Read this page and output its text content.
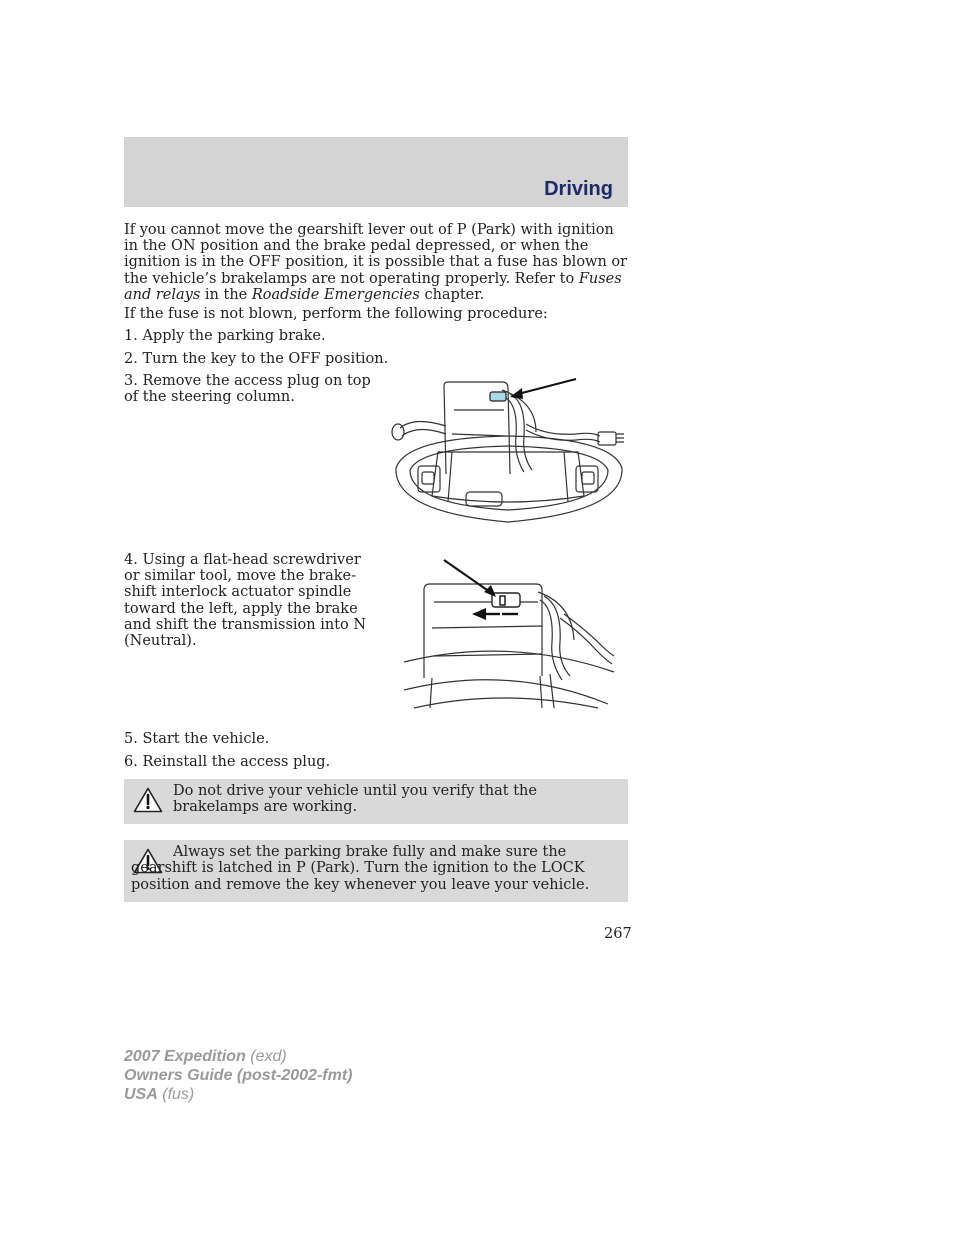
Driving

If you cannot move the gearshift lever out of P (Park) with ignition in the ON position and the brake pedal depressed, or when the ignition is in the OFF position, it is possible that a fuse has blown or the vehicle’s brakelamps are not operating properly. Refer to Fuses and relays in the Roadside Emergencies chapter.

If the fuse is not blown, perform the following procedure:

1. Apply the parking brake.

2. Turn the key to the OFF position.

3. Remove the access plug on top of the steering column.

4. Using a flat-head screwdriver or similar tool, move the brake-shift interlock actuator spindle toward the left, apply the brake and shift the transmission into N (Neutral).

5. Start the vehicle.

6. Reinstall the access plug.

Do not drive your vehicle until you verify that the brakelamps are working.

Always set the parking brake fully and make sure the gearshift is latched in P (Park). Turn the ignition to the LOCK position and remove the key whenever you leave your vehicle.

267
2007 Expedition (exd)
Owners Guide (post-2002-fmt)
USA (fus)
